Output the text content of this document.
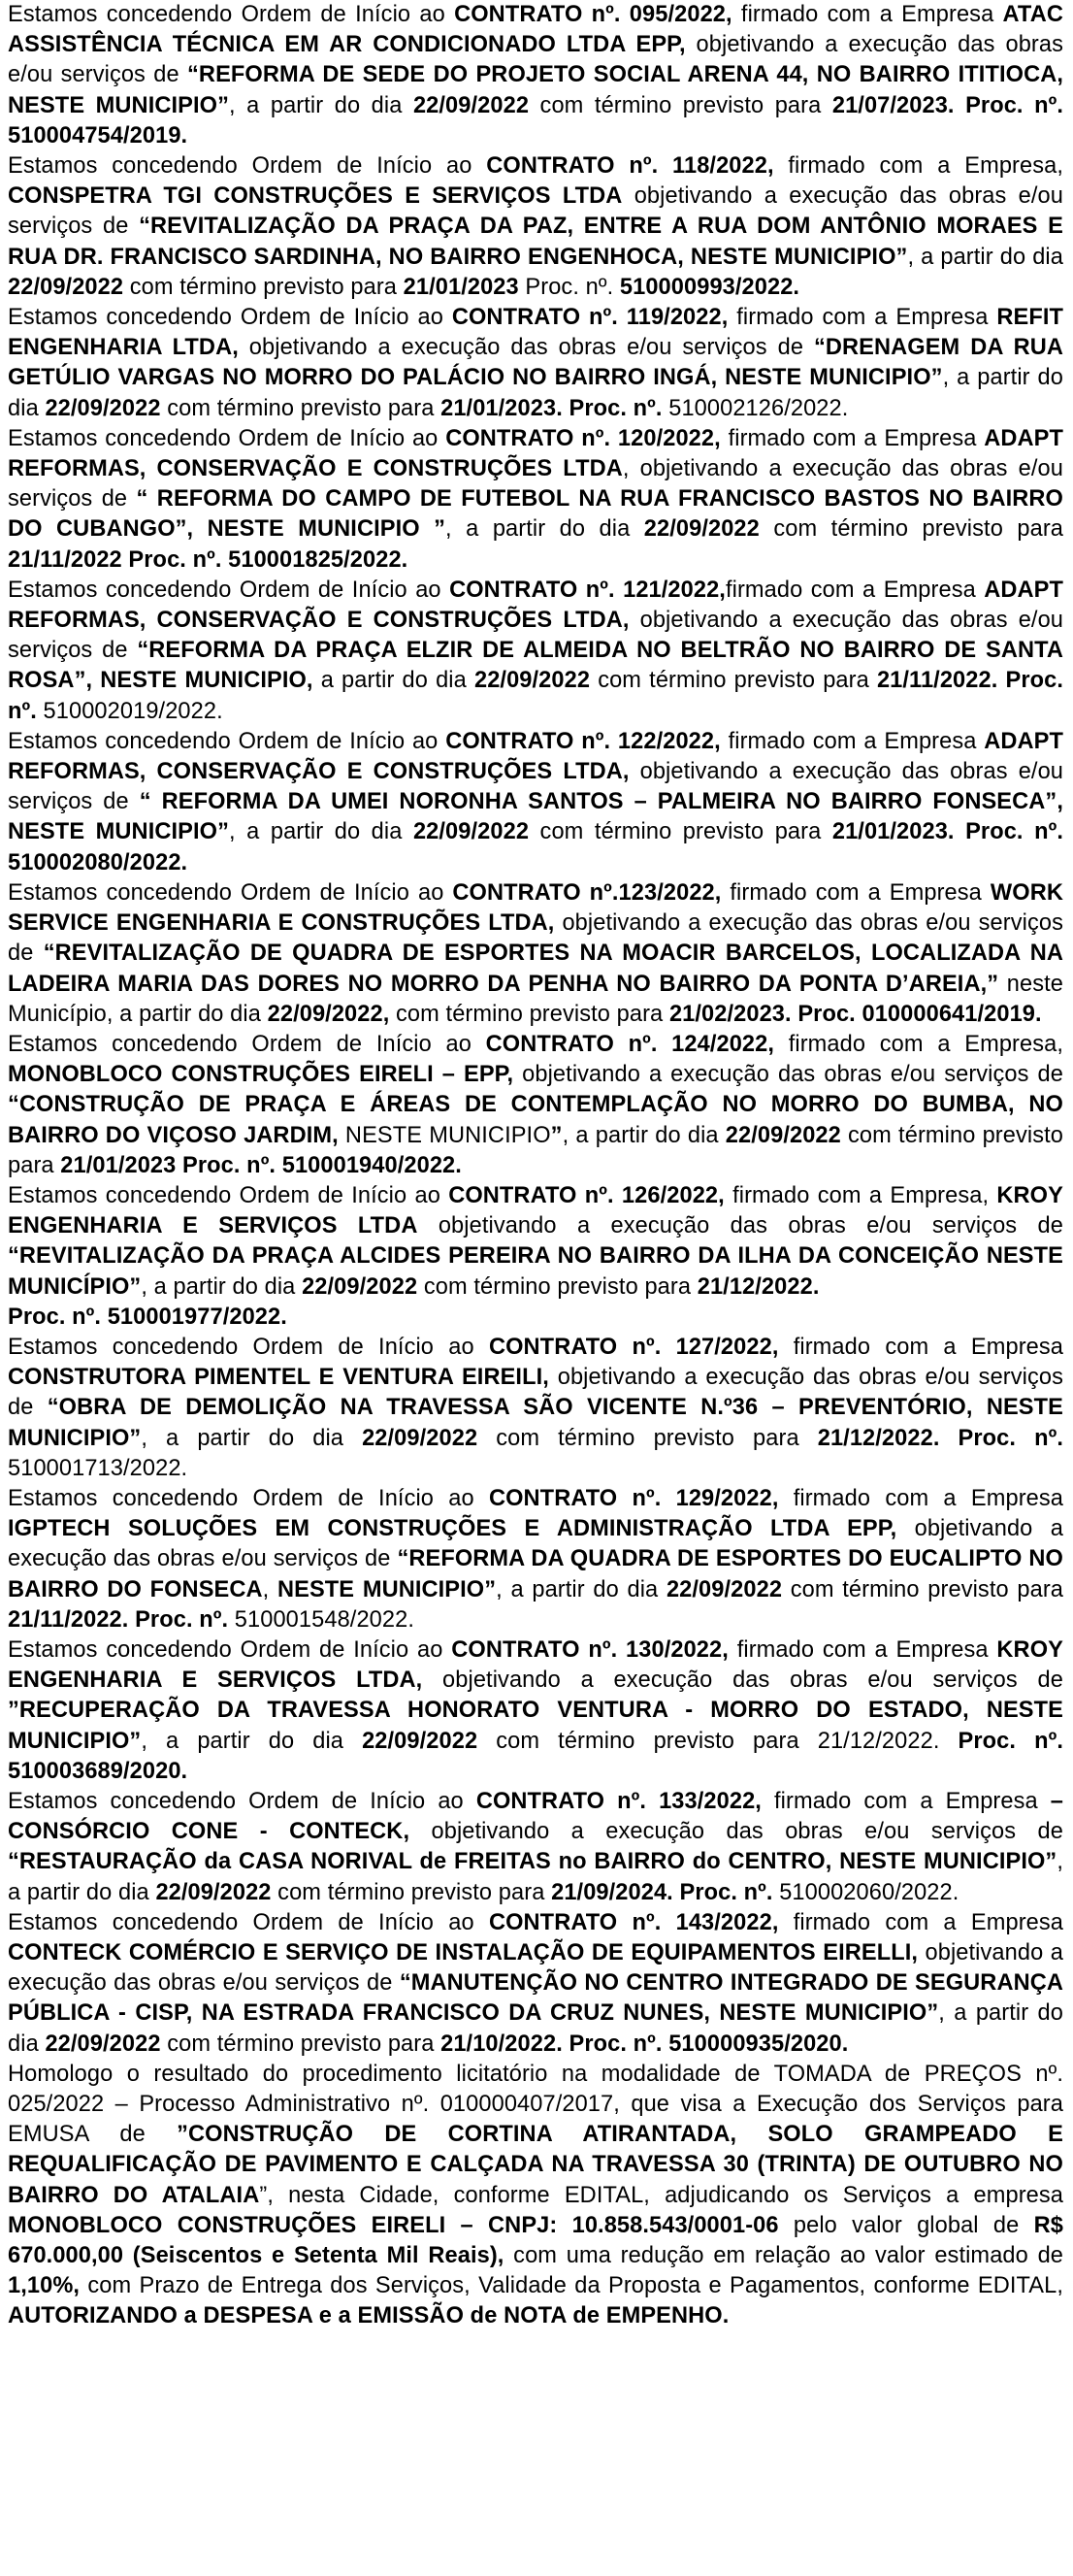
Estamos concedendo Ordem de Início ao CONTRATO nº. 095/2022, firmado com a Empresa ATAC ASSISTÊNCIA TÉCNICA EM AR CONDICIONADO LTDA EPP, objetivando a execução das obras e/ou serviços de “REFORMA DE SEDE DO PROJETO SOCIAL ARENA 44, NO BAIRRO ITITIOCA, NESTE MUNICIPIO”, a partir do dia 22/09/2022 com término previsto para 21/07/2023. Proc. nº. 510004754/2019.

Estamos concedendo Ordem de Início ao CONTRATO nº. 118/2022, firmado com a Empresa, CONSPETRA TGI CONSTRUÇÕES E SERVIÇOS LTDA objetivando a execução das obras e/ou serviços de “REVITALIZAÇÃO DA PRAÇA DA PAZ, ENTRE A RUA DOM ANTÔNIO MORAES E RUA DR. FRANCISCO SARDINHA, NO BAIRRO ENGENHOCA, NESTE MUNICIPIO”, a partir do dia 22/09/2022 com término previsto para 21/01/2023 Proc. nº. 510000993/2022.

Estamos concedendo Ordem de Início ao CONTRATO nº. 119/2022, firmado com a Empresa REFIT ENGENHARIA LTDA, objetivando a execução das obras e/ou serviços de “DRENAGEM DA RUA GETÚLIO VARGAS NO MORRO DO PALÁCIO NO BAIRRO INGÁ, NESTE MUNICIPIO”, a partir do dia 22/09/2022 com término previsto para 21/01/2023. Proc. nº. 510002126/2022.

Estamos concedendo Ordem de Início ao CONTRATO nº. 120/2022, firmado com a Empresa ADAPT REFORMAS, CONSERVAÇÃO E CONSTRUÇÕES LTDA, objetivando a execução das obras e/ou serviços de “ REFORMA DO CAMPO DE FUTEBOL NA RUA FRANCISCO BASTOS NO BAIRRO DO CUBANGO”, NESTE MUNICIPIO ”, a partir do dia 22/09/2022 com término previsto para 21/11/2022 Proc. nº. 510001825/2022.

Estamos concedendo Ordem de Início ao CONTRATO nº. 121/2022,firmado com a Empresa ADAPT REFORMAS, CONSERVAÇÃO E CONSTRUÇÕES LTDA, objetivando a execução das obras e/ou serviços de “REFORMA DA PRAÇA ELZIR DE ALMEIDA NO BELTRÃO NO BAIRRO DE SANTA ROSA”, NESTE MUNICIPIO, a partir do dia 22/09/2022 com término previsto para 21/11/2022. Proc. nº. 510002019/2022.

Estamos concedendo Ordem de Início ao CONTRATO nº. 122/2022, firmado com a Empresa ADAPT REFORMAS, CONSERVAÇÃO E CONSTRUÇÕES LTDA, objetivando a execução das obras e/ou serviços de “ REFORMA DA UMEI NORONHA SANTOS – PALMEIRA NO BAIRRO FONSECA”, NESTE MUNICIPIO”, a partir do dia 22/09/2022 com término previsto para 21/01/2023. Proc. nº. 510002080/2022.

Estamos concedendo Ordem de Início ao CONTRATO nº.123/2022, firmado com a Empresa WORK SERVICE ENGENHARIA E CONSTRUÇÕES LTDA, objetivando a execução das obras e/ou serviços de “REVITALIZAÇÃO DE QUADRA DE ESPORTES NA MOACIR BARCELOS, LOCALIZADA NA LADEIRA MARIA DAS DORES NO MORRO DA PENHA NO BAIRRO DA PONTA D’AREIA,” neste Município, a partir do dia 22/09/2022, com término previsto para 21/02/2023. Proc. 010000641/2019.

Estamos concedendo Ordem de Início ao CONTRATO nº. 124/2022, firmado com a Empresa, MONOBLOCO CONSTRUÇÕES EIRELI – EPP, objetivando a execução das obras e/ou serviços de “CONSTRUÇÃO DE PRAÇA E ÁREAS DE CONTEMPLAÇÃO NO MORRO DO BUMBA, NO BAIRRO DO VIÇOSO JARDIM, NESTE MUNICIPIO”, a partir do dia 22/09/2022 com término previsto para 21/01/2023 Proc. nº. 510001940/2022.

Estamos concedendo Ordem de Início ao CONTRATO nº. 126/2022, firmado com a Empresa, KROY ENGENHARIA E SERVIÇOS LTDA objetivando a execução das obras e/ou serviços de “REVITALIZAÇÃO DA PRAÇA ALCIDES PEREIRA NO BAIRRO DA ILHA DA CONCEIÇÃO NESTE MUNICÍPIO”, a partir do dia 22/09/2022 com término previsto para 21/12/2022.

Proc. nº. 510001977/2022.

Estamos concedendo Ordem de Início ao CONTRATO nº. 127/2022, firmado com a Empresa CONSTRUTORA PIMENTEL E VENTURA EIREILI, objetivando a execução das obras e/ou serviços de “OBRA DE DEMOLIÇÃO NA TRAVESSA SÃO VICENTE N.º36 – PREVENTÓRIO, NESTE MUNICIPIO”, a partir do dia 22/09/2022 com término previsto para 21/12/2022. Proc. nº. 510001713/2022.

Estamos concedendo Ordem de Início ao CONTRATO nº. 129/2022, firmado com a Empresa IGPTECH SOLUÇÕES EM CONSTRUÇÕES E ADMINISTRAÇÃO LTDA EPP, objetivando a execução das obras e/ou serviços de “REFORMA DA QUADRA DE ESPORTES DO EUCALIPTO NO BAIRRO DO FONSECA, NESTE MUNICIPIO”, a partir do dia 22/09/2022 com término previsto para 21/11/2022. Proc. nº. 510001548/2022.

Estamos concedendo Ordem de Início ao CONTRATO nº. 130/2022, firmado com a Empresa KROY ENGENHARIA E SERVIÇOS LTDA, objetivando a execução das obras e/ou serviços de ”RECUPERAÇÃO DA TRAVESSA HONORATO VENTURA - MORRO DO ESTADO, NESTE MUNICIPIO”, a partir do dia 22/09/2022 com término previsto para 21/12/2022. Proc. nº. 510003689/2020.

Estamos concedendo Ordem de Início ao CONTRATO nº. 133/2022, firmado com a Empresa – CONSÓRCIO CONE - CONTECK, objetivando a execução das obras e/ou serviços de “RESTAURAÇÃO da CASA NORIVAL de FREITAS no BAIRRO do CENTRO, NESTE MUNICIPIO”, a partir do dia 22/09/2022 com término previsto para 21/09/2024. Proc. nº. 510002060/2022.

Estamos concedendo Ordem de Início ao CONTRATO nº. 143/2022, firmado com a Empresa CONTECK COMÉRCIO E SERVIÇO DE INSTALAÇÃO DE EQUIPAMENTOS EIRELLI, objetivando a execução das obras e/ou serviços de “MANUTENÇÃO NO CENTRO INTEGRADO DE SEGURANÇA PÚBLICA - CISP, NA ESTRADA FRANCISCO DA CRUZ NUNES, NESTE MUNICIPIO”, a partir do dia 22/09/2022 com término previsto para 21/10/2022. Proc. nº. 510000935/2020.

Homologo o resultado do procedimento licitatório na modalidade de TOMADA de PREÇOS nº. 025/2022 – Processo Administrativo nº. 010000407/2017, que visa a Execução dos Serviços para EMUSA de ”CONSTRUÇÃO DE CORTINA ATIRANTADA, SOLO GRAMPEADO E REQUALIFICAÇÃO DE PAVIMENTO E CALÇADA NA TRAVESSA 30 (TRINTA) DE OUTUBRO NO BAIRRO DO ATALAIA”, nesta Cidade, conforme EDITAL, adjudicando os Serviços a empresa MONOBLOCO CONSTRUÇÕES EIRELI – CNPJ: 10.858.543/0001-06 pelo valor global de R$ 670.000,00 (Seiscentos e Setenta Mil Reais), com uma redução em relação ao valor estimado de 1,10%, com Prazo de Entrega dos Serviços, Validade da Proposta e Pagamentos, conforme EDITAL, AUTORIZANDO a DESPESA e a EMISSÃO de NOTA de EMPENHO.
